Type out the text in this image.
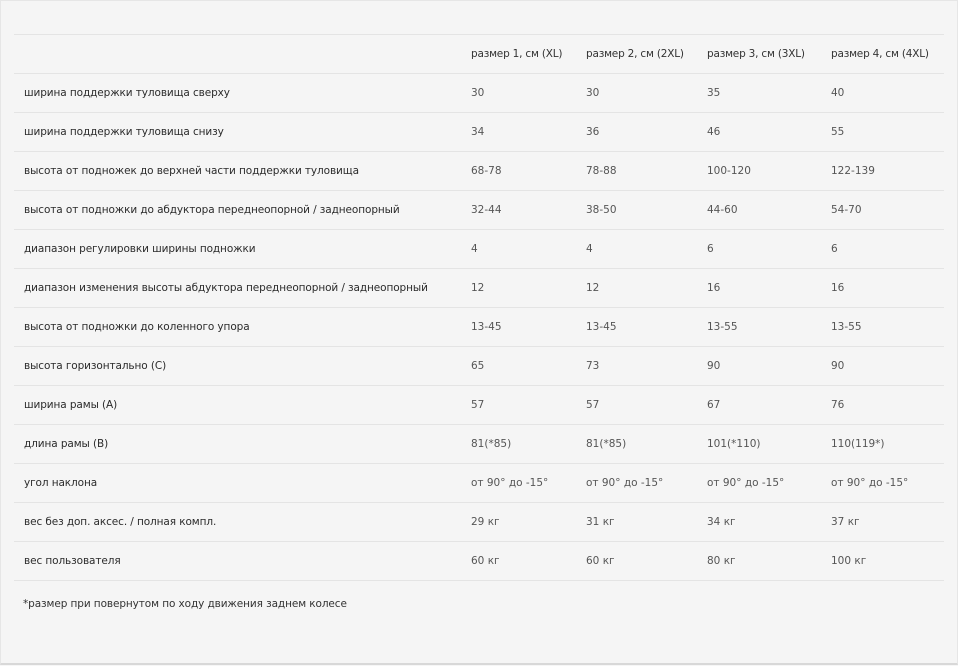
	размер 1, см (XL)	размер 2, см (2XL)	размер 3, см (3XL)	размер 4, см (4XL)
ширина поддержки туловища сверху	30	30	35	40
ширина поддержки туловища снизу	34	36	46	55
высота от подножек до верхней части поддержки туловища	68-78	78-88	100-120	122-139
высота от подножки до абдуктора переднеопорной / заднеопорный	32-44	38-50	44-60	54-70
диапазон регулировки ширины подножки	4	4	6	6
диапазон изменения высоты абдуктора переднеопорной / заднеопорный	12	12	16	16
высота от подножки до коленного упора	13-45	13-45	13-55	13-55
высота горизонтально (C)	65	73	90	90
ширина рамы (A)	57	57	67	76
длина рамы (B)	81(*85)	81(*85)	101(*110)	110(119*)
угол наклона	от 90° до -15°	от 90° до -15°	от 90° до -15°	от 90° до -15°
вес без доп. аксес. / полная компл.	29 кг	31 кг	34 кг	37 кг
вес пользователя	60 кг	60 кг	80 кг	100 кг
*размер при повернутом по ходу движения заднем колесе
